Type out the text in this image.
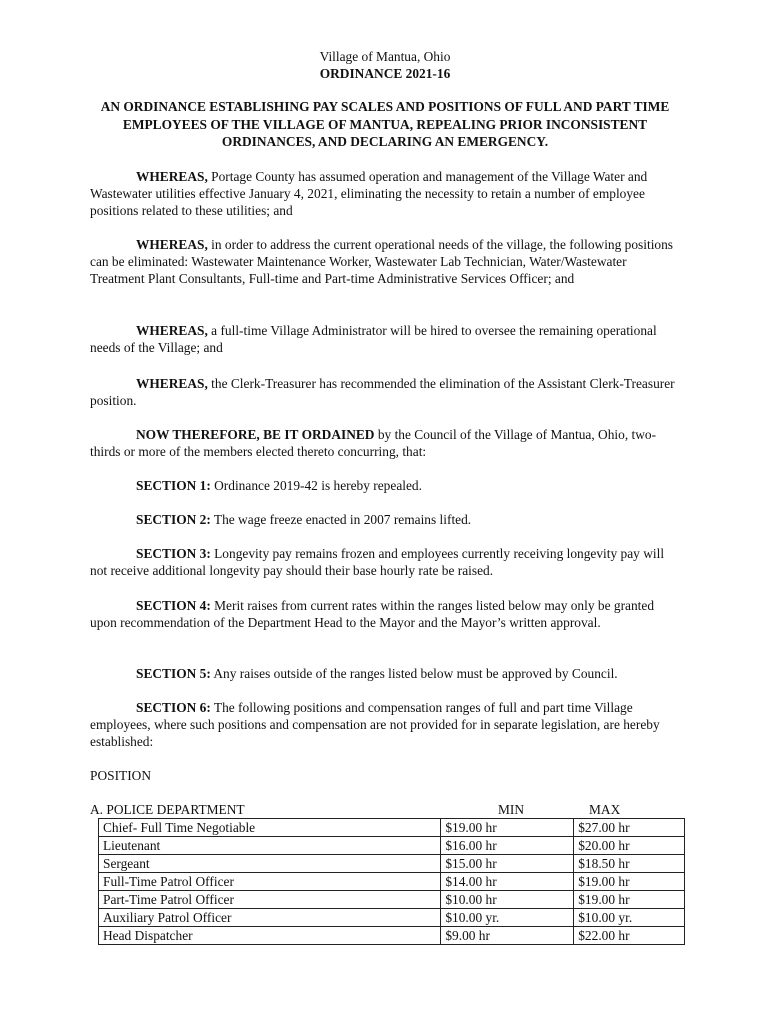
Village of Mantua, Ohio
ORDINANCE 2021-16
AN ORDINANCE ESTABLISHING PAY SCALES AND POSITIONS OF FULL AND PART TIME EMPLOYEES OF THE VILLAGE OF MANTUA, REPEALING PRIOR INCONSISTENT ORDINANCES, AND DECLARING AN EMERGENCY.
WHEREAS, Portage County has assumed operation and management of the Village Water and Wastewater utilities effective January 4, 2021, eliminating the necessity to retain a number of employee positions related to these utilities; and
WHEREAS, in order to address the current operational needs of the village, the following positions can be eliminated: Wastewater Maintenance Worker, Wastewater Lab Technician, Water/Wastewater Treatment Plant Consultants, Full-time and Part-time Administrative Services Officer; and
WHEREAS, a full-time Village Administrator will be hired to oversee the remaining operational needs of the Village; and
WHEREAS, the Clerk-Treasurer has recommended the elimination of the Assistant Clerk-Treasurer position.
NOW THEREFORE, BE IT ORDAINED by the Council of the Village of Mantua, Ohio, two-thirds or more of the members elected thereto concurring, that:
SECTION 1: Ordinance 2019-42 is hereby repealed.
SECTION 2: The wage freeze enacted in 2007 remains lifted.
SECTION 3: Longevity pay remains frozen and employees currently receiving longevity pay will not receive additional longevity pay should their base hourly rate be raised.
SECTION 4: Merit raises from current rates within the ranges listed below may only be granted upon recommendation of the Department Head to the Mayor and the Mayor’s written approval.
SECTION 5: Any raises outside of the ranges listed below must be approved by Council.
SECTION 6: The following positions and compensation ranges of full and part time Village employees, where such positions and compensation are not provided for in separate legislation, are hereby established:
POSITION
A. POLICE DEPARTMENT	MIN	MAX
Chief- Full Time Negotiable	$19.00 hr	$27.00 hr
Lieutenant	$16.00 hr	$20.00 hr
Sergeant	$15.00 hr	$18.50 hr
Full-Time Patrol Officer	$14.00 hr	$19.00 hr
Part-Time Patrol Officer	$10.00 hr	$19.00 hr
Auxiliary Patrol Officer	$10.00 yr.	$10.00 yr.
Head Dispatcher	$9.00 hr	$22.00 hr
